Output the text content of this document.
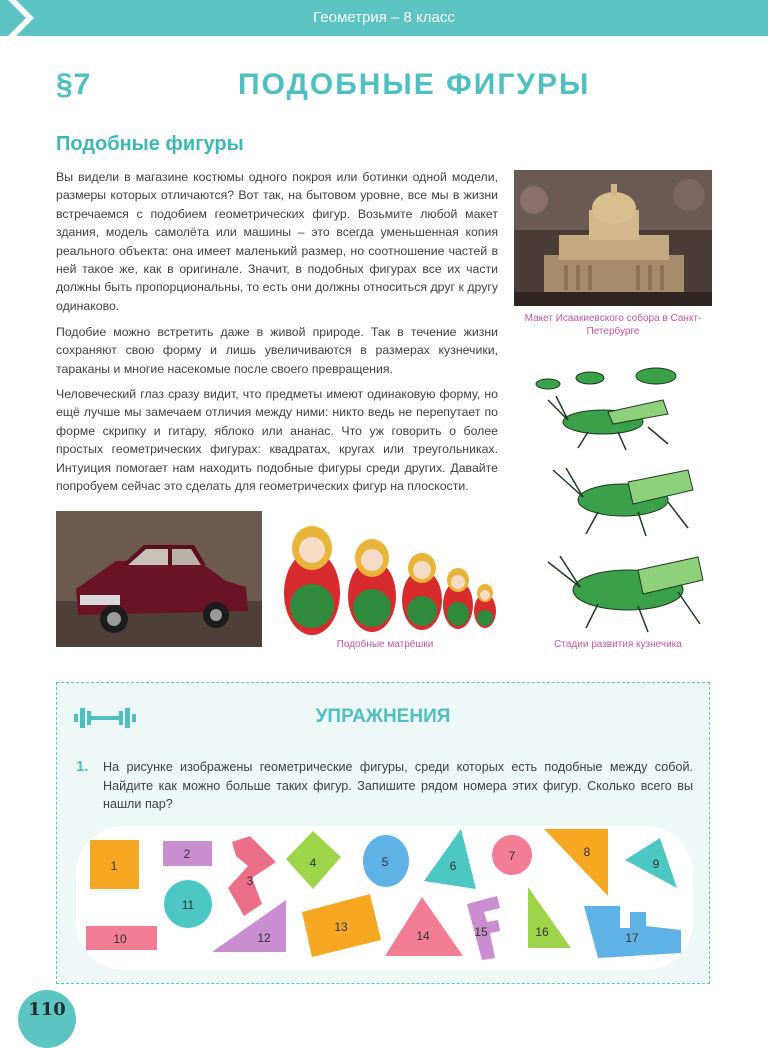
Геометрия – 8 класс
§7	ПОДОБНЫЕ ФИГУРЫ
Подобные фигуры

Вы видели в магазине костюмы одного покроя или ботинки одной модели, размеры которых отличаются? Вот так, на бытовом уровне, все мы в жизни встречаемся с подобием геометрических фигур. Возьмите любой макет здания, модель самолёта или машины – это всегда уменьшенная копия реального объекта: она имеет маленький размер, но соотношение частей в ней такое же, как в оригинале. Значит, в подобных фигурах все их части должны быть пропорциональны, то есть они должны относиться друг к другу одинаково.

Подобие можно встретить даже в живой природе. Так в течение жизни сохраняют свою форму и лишь увеличиваются в размерах кузнечики, тараканы и многие насекомые после своего превращения.

Человеческий глаз сразу видит, что предметы имеют одинаковую форму, но ещё лучше мы замечаем отличия между ними: никто ведь не перепутает по форме скрипку и гитару, яблоко или ананас. Что уж говорить о более простых геометрических фигурах: квадратах, кругах или треугольниках. Интуиция помогает нам находить подобные фигуры среди других. Давайте попробуем сейчас это сделать для геометрических фигур на плоскости.

Макет Исаакиевского собора в Санкт-Петербурге
Стадии развития кузнечика
Подобные матрёшки
УПРАЖНЕНИЯ
1. На рисунке изображены геометрические фигуры, среди которых есть подобные между собой. Найдите как можно больше таких фигур. Запишите рядом номера этих фигур. Сколько всего вы нашли пар?

1
2
3
4	5	6
7	8
9
10
11
12
13
14	15	16	17
110
